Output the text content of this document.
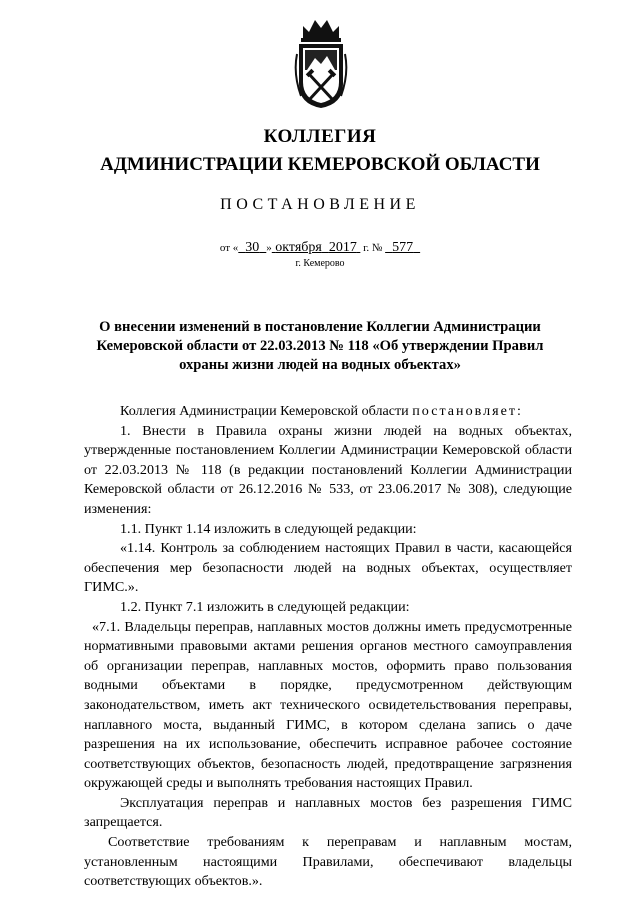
КОЛЛЕГИЯ
АДМИНИСТРАЦИИ КЕМЕРОВСКОЙ ОБЛАСТИ
ПОСТАНОВЛЕНИЕ
от « 30 » октября 2017 г. № 577
г. Кемерово
О внесении изменений в постановление Коллегии Администрации
Кемеровской области от 22.03.2013 № 118 «Об утверждении Правил
охраны жизни людей на водных объектах»

Коллегия Администрации Кемеровской области постановляет:

1. Внести в Правила охраны жизни людей на водных объектах, утвержденные постановлением Коллегии Администрации Кемеровской области от 22.03.2013 № 118 (в редакции постановлений Коллегии Администрации Кемеровской области от 26.12.2016 № 533, от 23.06.2017 № 308), следующие изменения:

1.1. Пункт 1.14 изложить в следующей редакции:

«1.14. Контроль за соблюдением настоящих Правил в части, касающейся обеспечения мер безопасности людей на водных объектах, осуществляет ГИМС.».

1.2. Пункт 7.1 изложить в следующей редакции:

«7.1. Владельцы переправ, наплавных мостов должны иметь предусмотренные нормативными правовыми актами решения органов местного самоуправления об организации переправ, наплавных мостов, оформить право пользования водными объектами в порядке, предусмотренном действующим законодательством, иметь акт технического освидетельствования переправы, наплавного моста, выданный ГИМС, в котором сделана запись о даче разрешения на их использование, обеспечить исправное рабочее состояние соответствующих объектов, безопасность людей, предотвращение загрязнения окружающей среды и выполнять требования настоящих Правил.

Эксплуатация переправ и наплавных мостов без разрешения ГИМС запрещается.

Соответствие требованиям к переправам и наплавным мостам, установленным настоящими Правилами, обеспечивают владельцы соответствующих объектов.».
